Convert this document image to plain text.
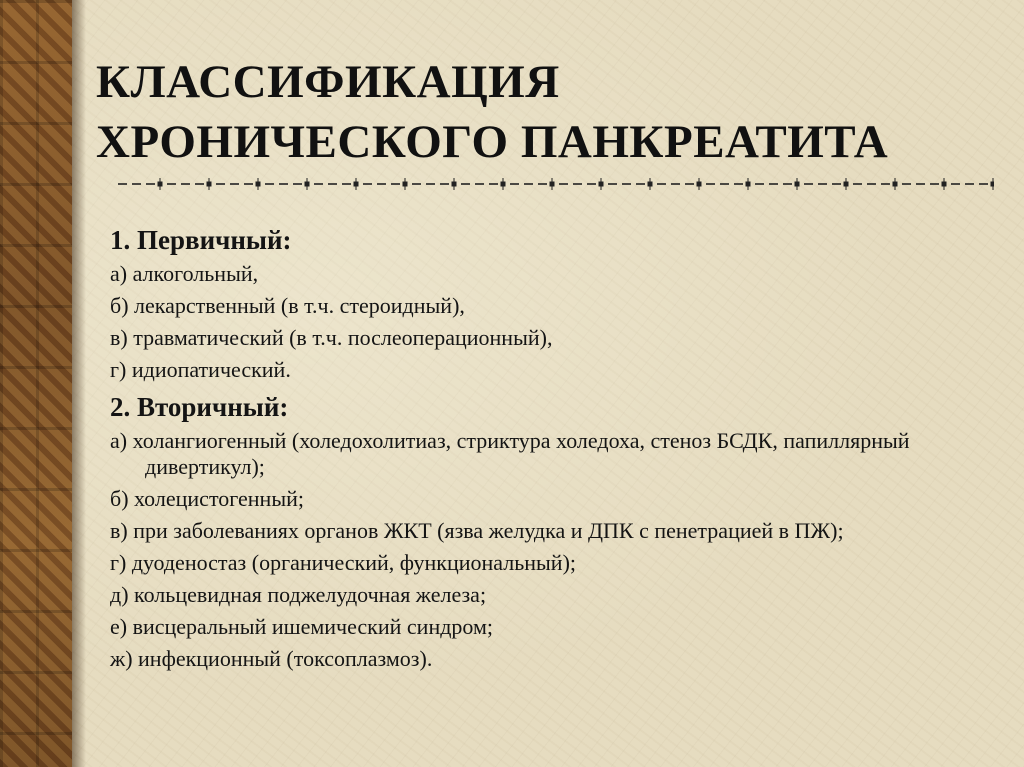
КЛАССИФИКАЦИЯ
ХРОНИЧЕСКОГО ПАНКРЕАТИТА

1. Первичный:

а) алкогольный,

б) лекарственный (в т.ч. стероидный),

в) травматический (в т.ч. послеоперационный),

г) идиопатический.

2. Вторичный:

а) холангиогенный (холедохолитиаз, стриктура холедоха, стеноз БСДК, папиллярный дивертикул);

б) холецистогенный;

в) при заболеваниях органов ЖКТ (язва желудка и ДПК с пенетрацией в ПЖ);

г) дуоденостаз (органический, функциональный);

д) кольцевидная поджелудочная железа;

е) висцеральный ишемический синдром;

ж) инфекционный (токсоплазмоз).
